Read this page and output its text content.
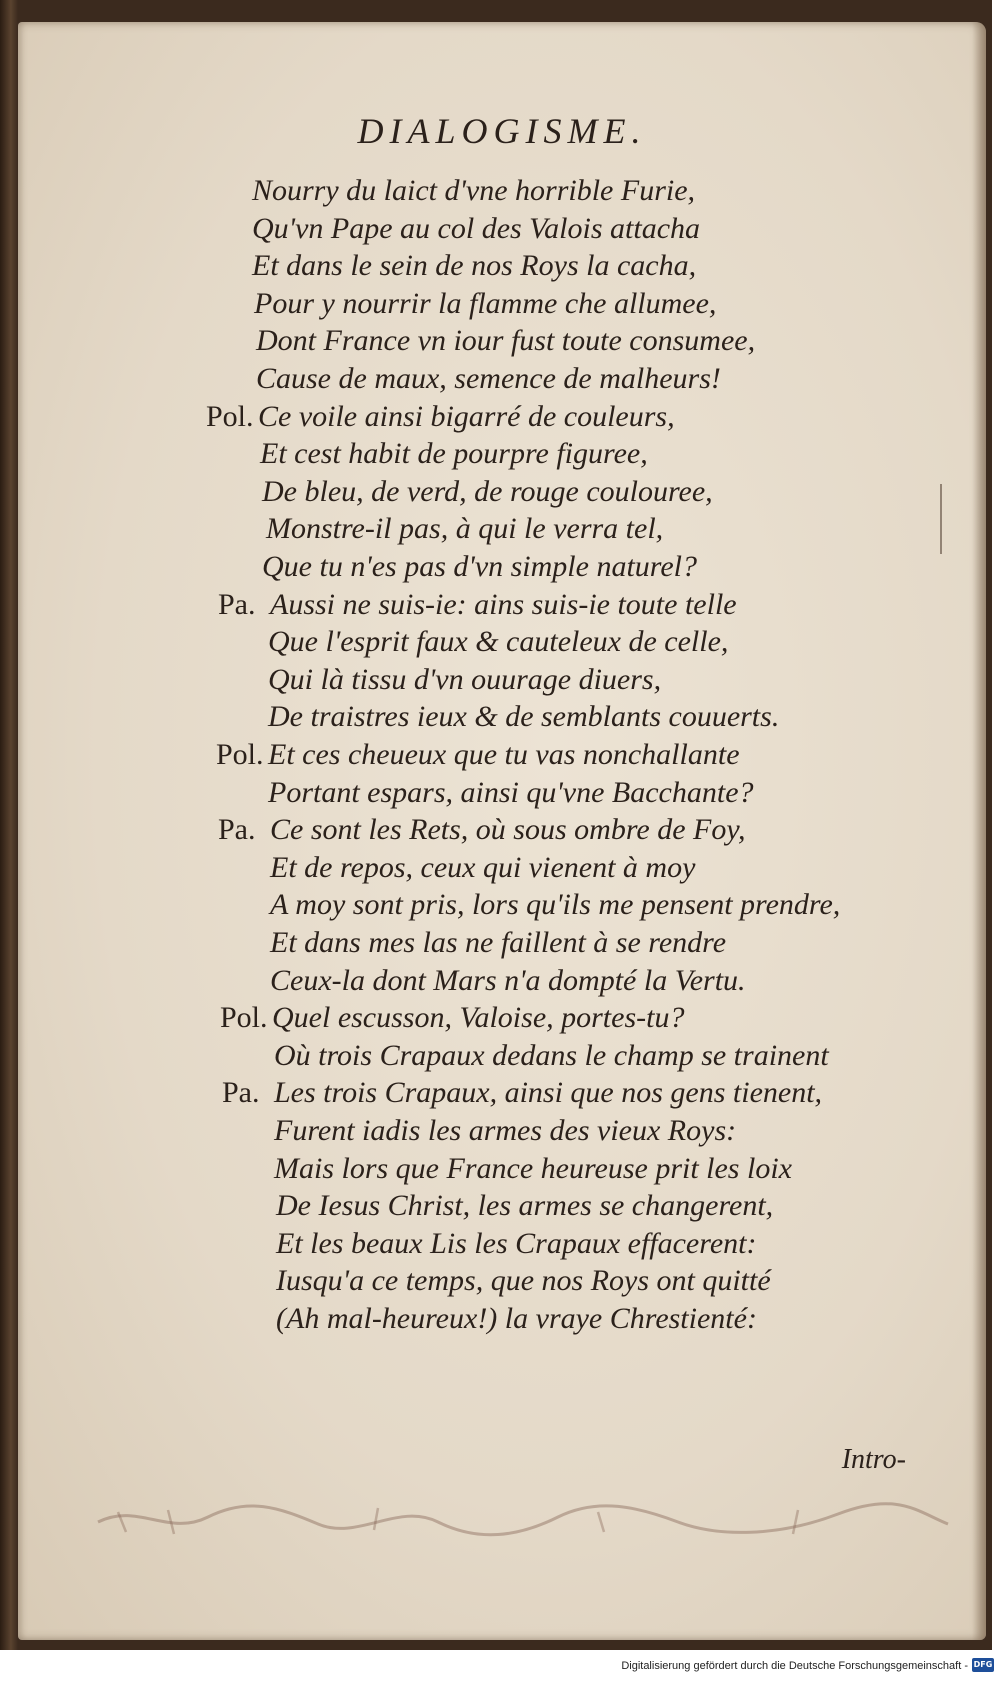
DIALOGISME.
Nourry du laict d'vne horrible Furie,
Qu'vn Pape au col des Valois attacha
Et dans le sein de nos Roys la cacha,
Pour y nourrir la flamme che allumee,
Dont France vn iour fust toute consumee,
Cause de maux, semence de malheurs!
Pol. Ce voile ainsi bigarré de couleurs,
Et cest habit de pourpre figuree,
De bleu, de verd, de rouge coulouree,
Monstre-il pas, à qui le verra tel,
Que tu n'es pas d'vn simple naturel?
Pa. Aussi ne suis-ie: ains suis-ie toute telle
Que l'esprit faux & cauteleux de celle,
Qui là tissu d'vn ouurage diuers,
De traistres ieux & de semblants couuerts.
Pol. Et ces cheueux que tu vas nonchallante
Portant espars, ainsi qu'vne Bacchante?
Pa. Ce sont les Rets, où sous ombre de Foy,
Et de repos, ceux qui vienent à moy
A moy sont pris, lors qu'ils me pensent prendre,
Et dans mes las ne faillent à se rendre
Ceux-la dont Mars n'a dompté la Vertu.
Pol. Quel escusson, Valoise, portes-tu?
Où trois Crapaux dedans le champ se trainent
Pa. Les trois Crapaux, ainsi que nos gens tienent,
Furent iadis les armes des vieux Roys:
Mais lors que France heureuse prit les loix
De Iesus Christ, les armes se changerent,
Et les beaux Lis les Crapaux effacerent:
Iusqu'a ce temps, que nos Roys ont quitté
(Ah mal-heureux!) la vraye Chrestienté:
Intro-
Digitalisierung gefördert durch die Deutsche Forschungsgemeinschaft - DFG
